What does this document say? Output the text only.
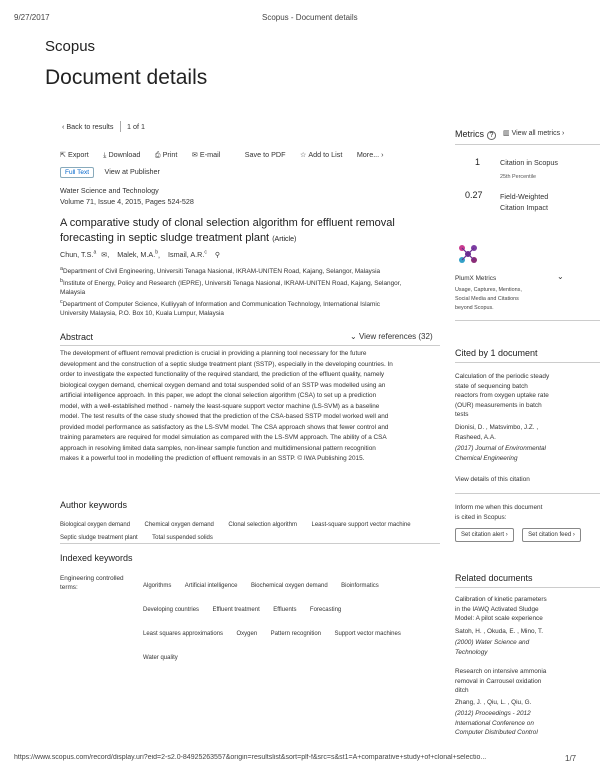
9/27/2017	Scopus - Document details
https://www.scopus.com/record/display.uri?eid=2-s2.0-84925263557&origin=resultslist&sort=plf-f&src=s&st1=A+comparative+study+of+clonal+selectio...	1/7
Scopus
Document details
‹ Back to results 1 of 1
⇱ Export ⤓ Download ⎙ Print ✉ E-mail	Save to PDF ☆ Add to List More... ›
Full Text View at Publisher
Water Science and Technology
Volume 71, Issue 4, 2015, Pages 524-528
A comparative study of clonal selection algorithm for effluent removal
forecasting in septic sludge treatment plant (Article)
Chun, T.S.$^a$ ✉, Malek, M.A.$^b$, Ismail, A.R.$^c$ ⚲
$^a$Department of Civil Engineering, Universiti Tenaga Nasional, IKRAM-UNITEN Road, Kajang, Selangor, Malaysia
$^b$Institute of Energy, Policy and Research (IEPRE), Universiti Tenaga Nasional, IKRAM-UNITEN Road, Kajang, Selangor,
Malaysia
$^c$Department of Computer Science, Kulliyyah of Information and Communication Technology, International Islamic
University Malaysia, P.O. Box 10, Kuala Lumpur, Malaysia
Abstract	⌄ View references (32)
The development of effluent removal prediction is crucial in providing a planning tool necessary for the future
development and the construction of a septic sludge treatment plant (SSTP), especially in the developing countries. In
order to investigate the expected functionality of the required standard, the prediction of the effluent quality, namely
biological oxygen demand, chemical oxygen demand and total suspended solid of an SSTP was modelled using an
artificial intelligence approach. In this paper, we adopt the clonal selection algorithm (CSA) to set up a prediction
model, with a well-established method - namely the least-square support vector machine (LS-SVM) as a baseline
model. The test results of the case study showed that the prediction of the CSA-based SSTP model worked well and
provided model performance as satisfactory as the LS-SVM model. The CSA approach shows that fewer control and
training parameters are required for model simulation as compared with the LS-SVM approach. The ability of a CSA
approach in resolving limited data samples, non-linear sample function and multidimensional pattern recognition
makes it a powerful tool in modelling the prediction of effluent removals in an SSTP. © IWA Publishing 2015.
Author keywords
Biological oxygen demand Chemical oxygen demand Clonal selection algorithm Least-square support vector machine Septic sludge treatment plant Total suspended solids
Indexed keywords
Engineering controlled terms:	Algorithms Artificial intelligence Biochemical oxygen demand Bioinformatics
Developing countries Effluent treatment Effluents Forecasting
Least squares approximations Oxygen Pattern recognition Support vector machines
Water quality
Metrics ?	▥ View all metrics ›
1	Citation in Scopus
25th Percentile
0.27 Field-Weighted
Citation Impact
PlumX Metrics	⌄
Usage, Captures, Mentions,
Social Media and Citations
beyond Scopus.
Cited by 1 document
Calculation of the periodic steady
state of sequencing batch
reactors from oxygen uptake rate
(OUR) measurements in batch
tests
Dionisi, D. , Matsvimbo, J.Z. ,
Rasheed, A.A.
(2017) Journal of Environmental
Chemical Engineering
View details of this citation
Inform me when this document
is cited in Scopus:
Set citation alert ›	Set citation feed ›
Related documents
Calibration of kinetic parameters
in the IAWQ Activated Sludge
Model: A pilot scale experience
Satoh, H. , Okuda, E. , Mino, T.
(2000) Water Science and
Technology
Research on intensive ammonia
removal in Carrousel oxidation
ditch
Zhang, J. , Qiu, L. , Qiu, G.
(2012) Proceedings - 2012
International Conference on
Computer Distributed Control
